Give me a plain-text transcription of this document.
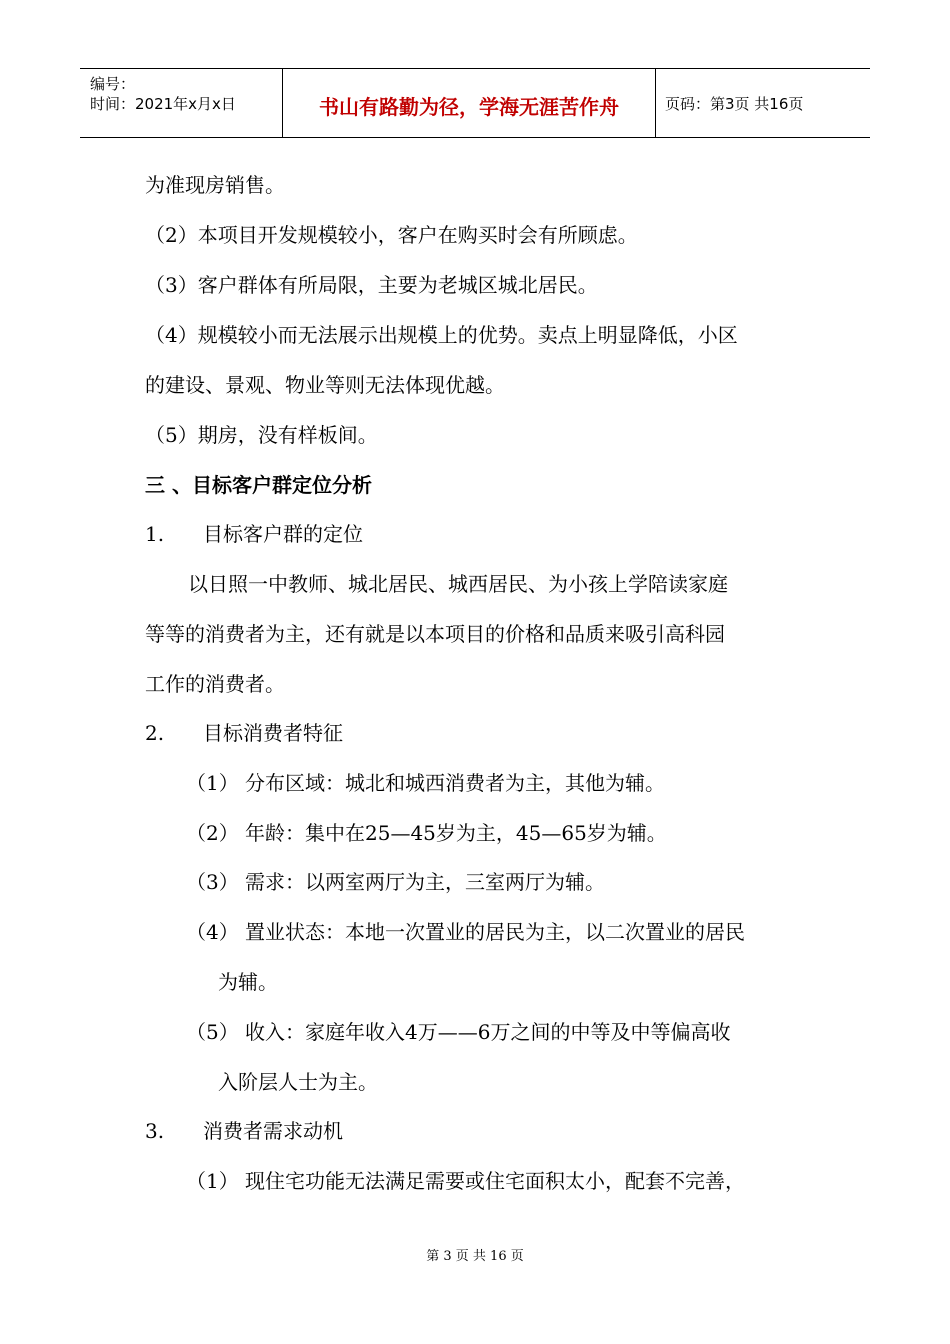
编号：
时间：2021年x月x日	书山有路勤为径，学海无涯苦作舟	页码：第3页 共16页
为准现房销售。
（2）本项目开发规模较小，客户在购买时会有所顾虑。
（3）客户群体有所局限，主要为老城区城北居民。
（4）规模较小而无法展示出规模上的优势。卖点上明显降低，小区
的建设、景观、物业等则无法体现优越。
（5）期房，没有样板间。
三 、目标客户群定位分析
1. 目标客户群的定位
以日照一中教师、城北居民、城西居民、为小孩上学陪读家庭
等等的消费者为主，还有就是以本项目的价格和品质来吸引高科园
工作的消费者。
2. 目标消费者特征
（1） 分布区域：城北和城西消费者为主，其他为辅。
（2） 年龄：集中在25—45岁为主，45—65岁为辅。
（3） 需求：以两室两厅为主，三室两厅为辅。
（4） 置业状态：本地一次置业的居民为主，以二次置业的居民
为辅。
（5） 收入：家庭年收入4万——6万之间的中等及中等偏高收
入阶层人士为主。
3. 消费者需求动机
（1） 现住宅功能无法满足需要或住宅面积太小，配套不完善，
第 3 页 共 16 页
